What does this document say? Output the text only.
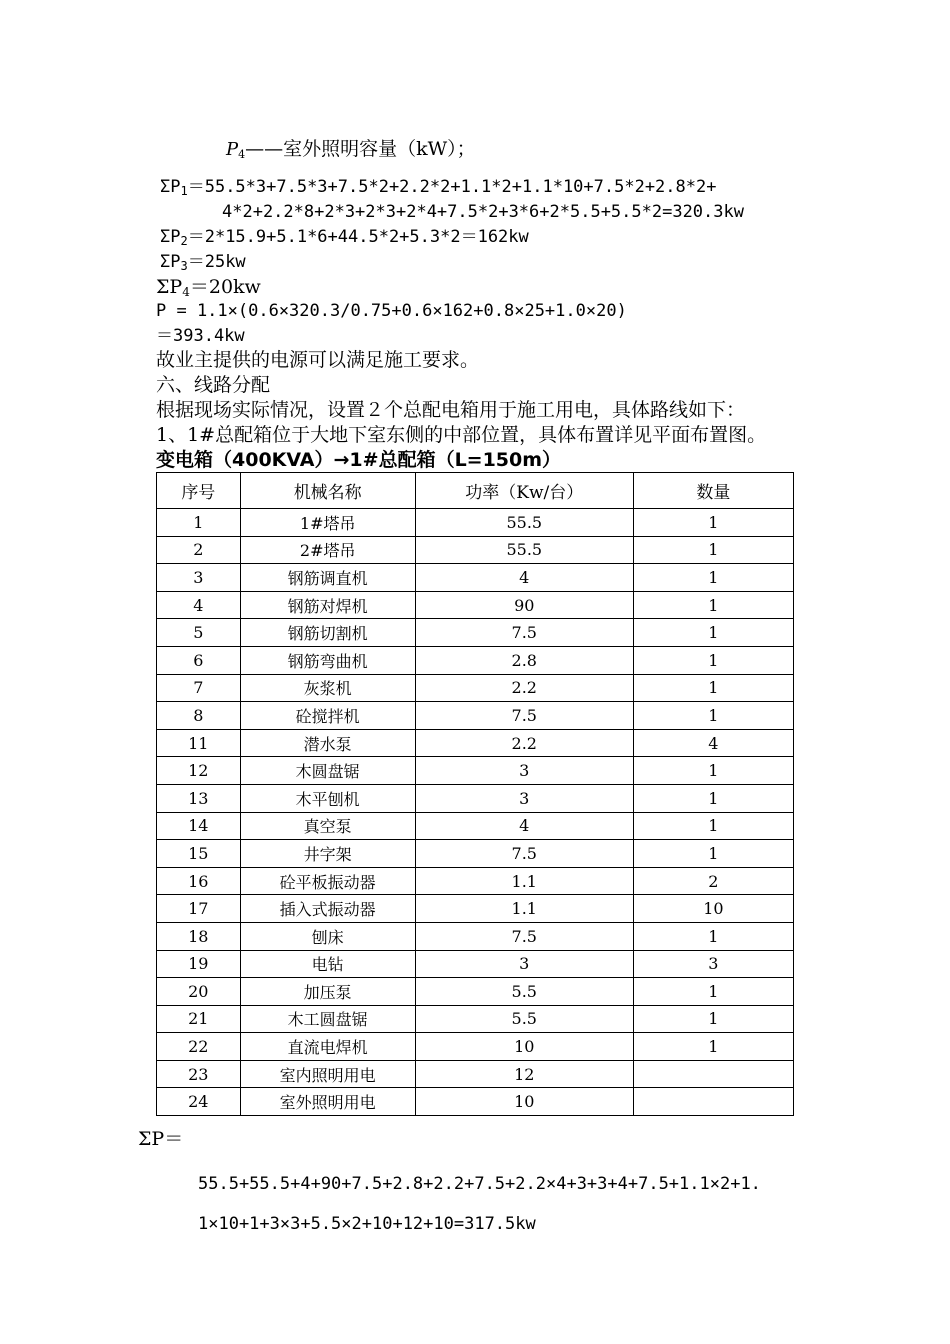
$P_4——$室外照明容量（kW）；
$\Sigma P_1=55.5*3+7.5*3+7.5*2+2.2*2+1.1*2+1.1*10+7.5*2+2.8*2+$
4*2+2.2*8+2*3+2*3+2*4+7.5*2+3*6+2*5.5+5.5*2=320.3kw
$\Sigma P_2=2*15.9+5.1*6+44.5*2+5.3*2=162kw$
$\Sigma P_3=25kw$
$\Sigma P_4=20kw$
P = 1.1×(0.6×320.3/0.75+0.6×162+0.8×25+1.0×20)
＝393.4kw
故业主提供的电源可以满足施工要求。
六、线路分配
根据现场实际情况，设置２个总配电箱用于施工用电，具体路线如下：
1、1#总配箱位于大地下室东侧的中部位置，具体布置详见平面布置图。
变电箱（400KVA）→1#总配箱（L=150m）
序号	机械名称	功率（Kw/台）	数量
1	1#塔吊	55.5	1
2	2#塔吊	55.5	1
3	钢筋调直机	4	1
4	钢筋对焊机	90	1
5	钢筋切割机	7.5	1
6	钢筋弯曲机	2.8	1
7	灰浆机	2.2	1
8	砼搅拌机	7.5	1
11	潜水泵	2.2	4
12	木圆盘锯	3	1
13	木平刨机	3	1
14	真空泵	4	1
15	井字架	7.5	1
16	砼平板振动器	1.1	2
17	插入式振动器	1.1	10
18	刨床	7.5	1
19	电钻	3	3
20	加压泵	5.5	1
21	木工圆盘锯	5.5	1
22	直流电焊机	10	1
23	室内照明用电	12	
24	室外照明用电	10	
ΣP＝
55.5+55.5+4+90+7.5+2.8+2.2+7.5+2.2×4+3+3+4+7.5+1.1×2+1.
1×10+1+3×3+5.5×2+10+12+10=317.5kw
